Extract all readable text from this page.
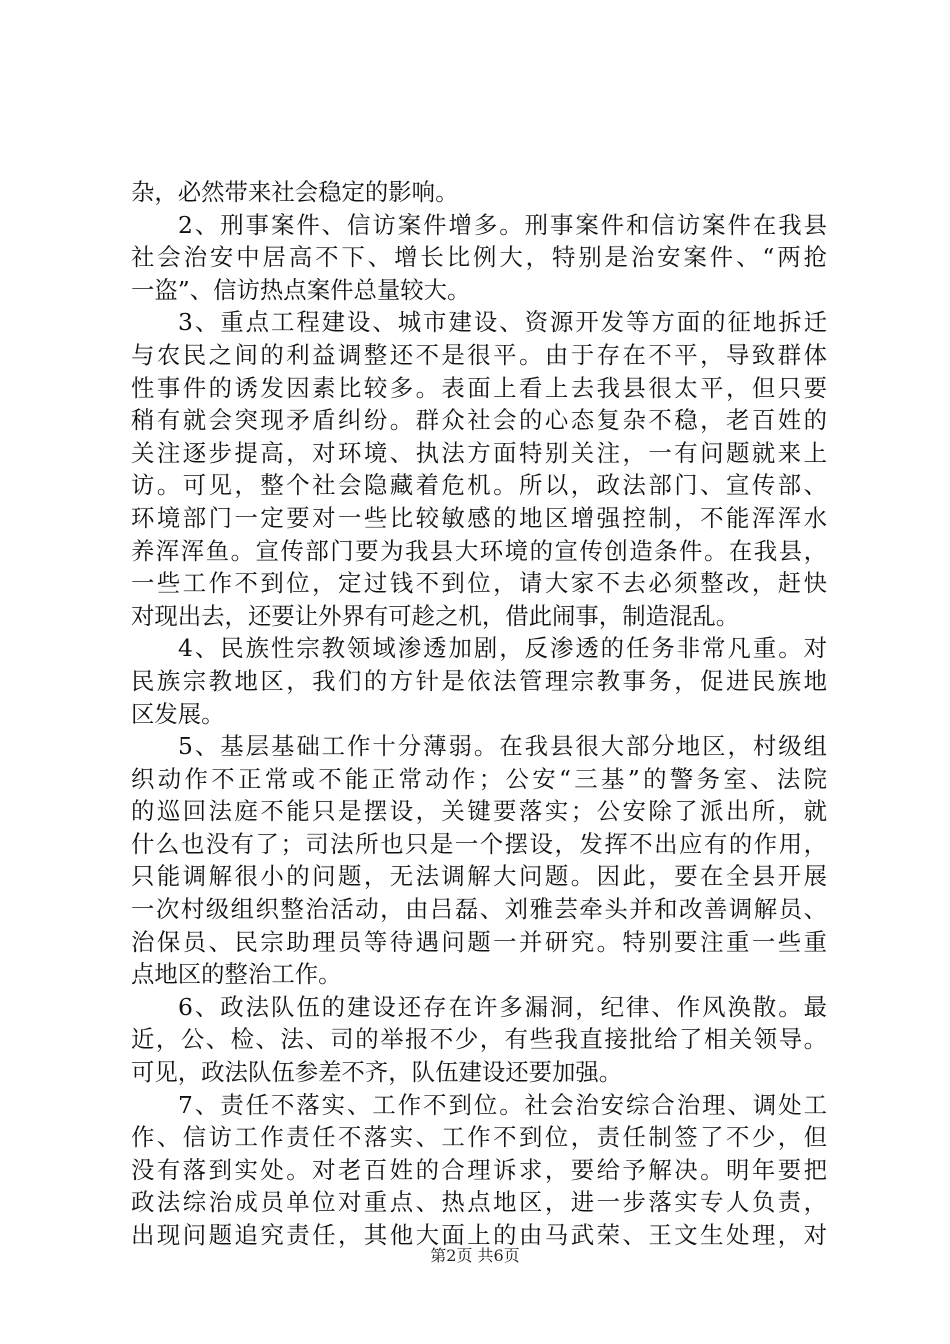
杂，必然带来社会稳定的影响。
2、刑事案件、信访案件增多。刑事案件和信访案件在我县
社会治安中居高不下、增长比例大，特别是治安案件、“两抢
一盗”、信访热点案件总量较大。
3、重点工程建设、城市建设、资源开发等方面的征地拆迁
与农民之间的利益调整还不是很平。由于存在不平，导致群体
性事件的诱发因素比较多。表面上看上去我县很太平，但只要
稍有就会突现矛盾纠纷。群众社会的心态复杂不稳，老百姓的
关注逐步提高，对环境、执法方面特别关注，一有问题就来上
访。可见，整个社会隐藏着危机。所以，政法部门、宣传部、
环境部门一定要对一些比较敏感的地区增强控制，不能浑浑水
养浑浑鱼。宣传部门要为我县大环境的宣传创造条件。在我县，
一些工作不到位，定过钱不到位，请大家不去必须整改，赶快
对现出去，还要让外界有可趁之机，借此闹事，制造混乱。
4、民族性宗教领域渗透加剧，反渗透的任务非常凡重。对
民族宗教地区，我们的方针是依法管理宗教事务，促进民族地
区发展。
5、基层基础工作十分薄弱。在我县很大部分地区，村级组
织动作不正常或不能正常动作；公安“三基”的警务室、法院
的巡回法庭不能只是摆设，关键要落实；公安除了派出所，就
什么也没有了；司法所也只是一个摆设，发挥不出应有的作用，
只能调解很小的问题，无法调解大问题。因此，要在全县开展
一次村级组织整治活动，由吕磊、刘雅芸牵头并和改善调解员、
治保员、民宗助理员等待遇问题一并研究。特别要注重一些重
点地区的整治工作。
6、政法队伍的建设还存在许多漏洞，纪律、作风涣散。最
近，公、检、法、司的举报不少，有些我直接批给了相关领导。
可见，政法队伍参差不齐，队伍建设还要加强。
7、责任不落实、工作不到位。社会治安综合治理、调处工
作、信访工作责任不落实、工作不到位，责任制签了不少，但
没有落到实处。对老百姓的合理诉求，要给予解决。明年要把
政法综治成员单位对重点、热点地区，进一步落实专人负责，
出现问题追究责任，其他大面上的由马武荣、王文生处理，对
第2页 共6页
